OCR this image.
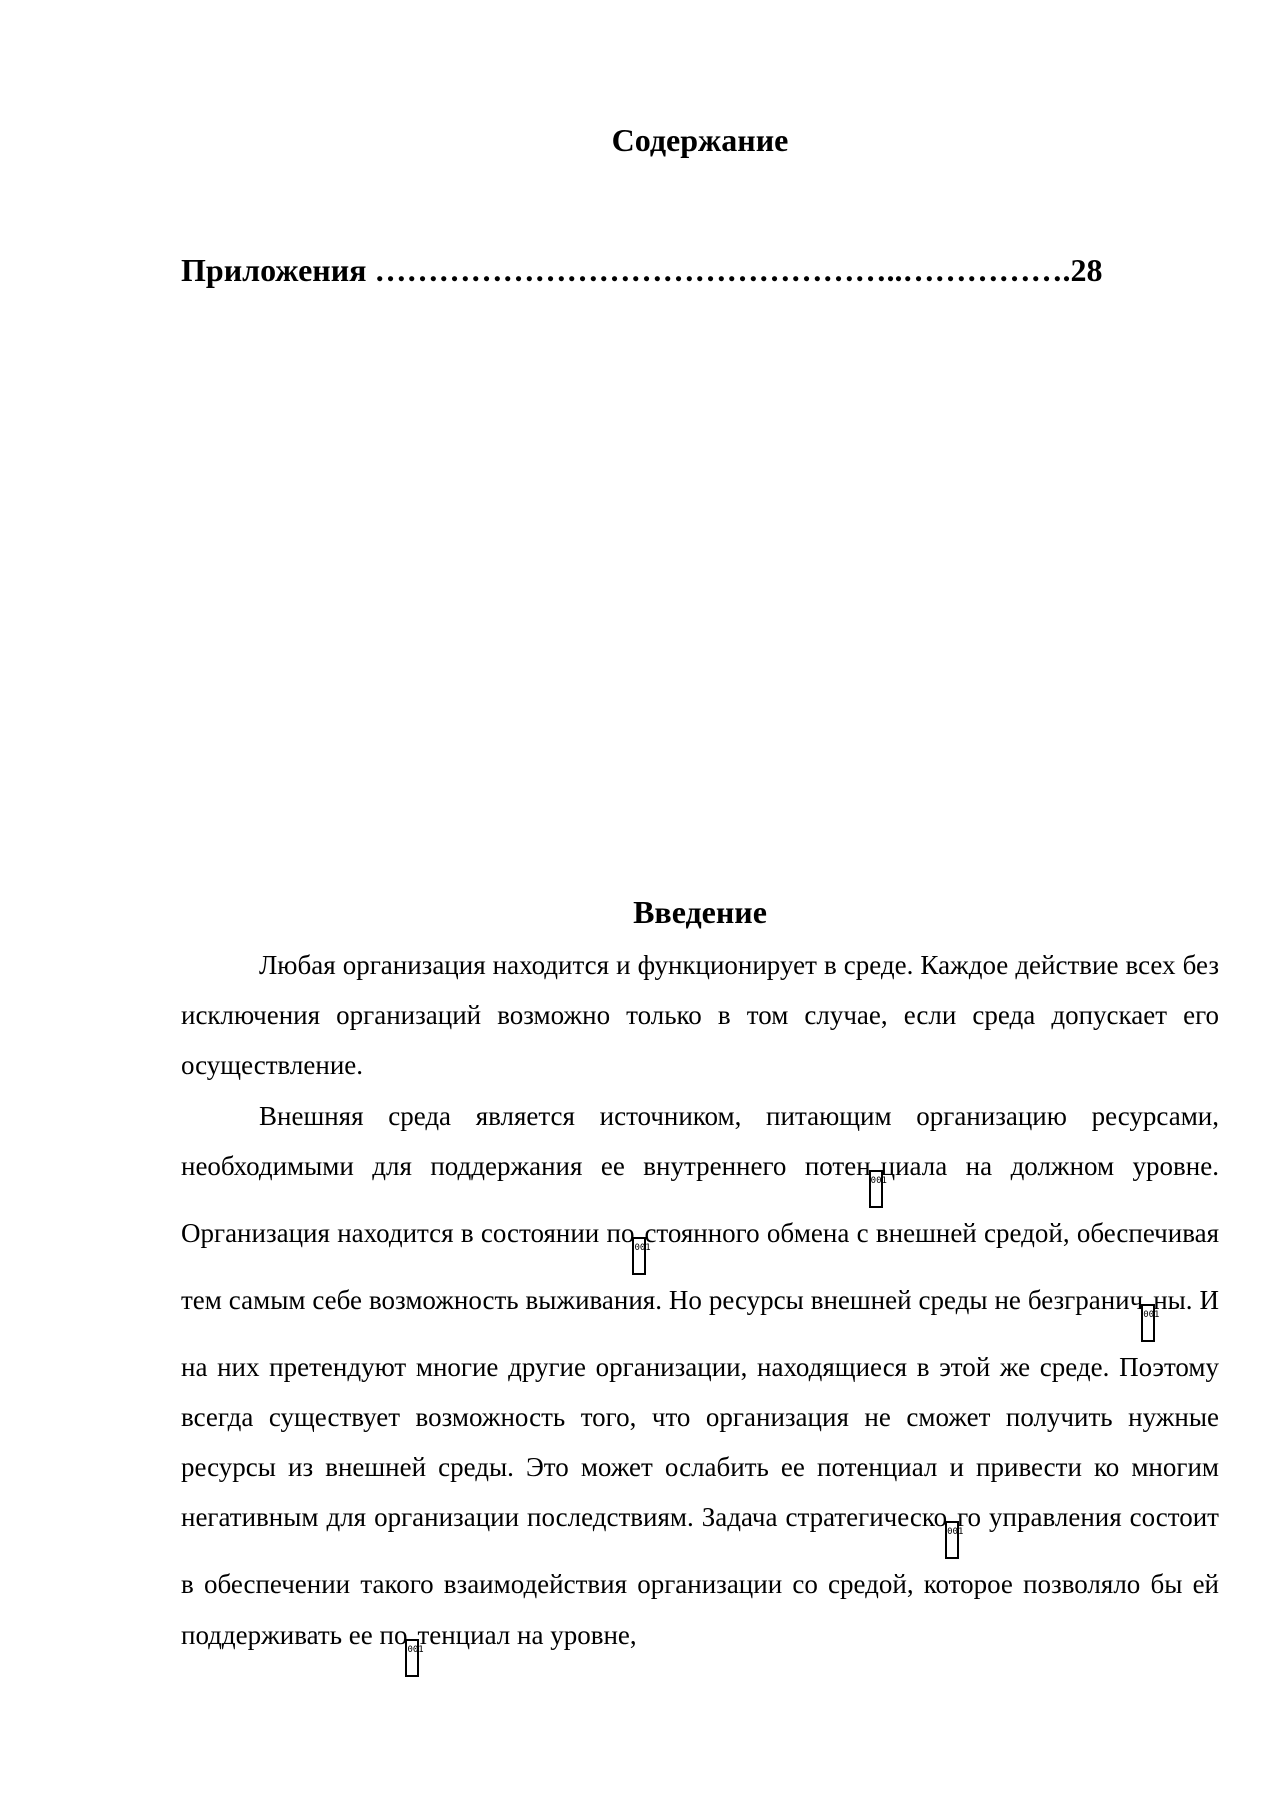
Содержание
Приложения …………………………………………..…………….28
Введение

Любая организация находится и функционирует в среде. Каждое действие всех без исключения организаций возможно только в том случае, если среда допускает его осуществление.

Внешняя среда является источником, питающим организацию ресурсами, необходимыми для поддержания ее внутреннего потен001циала на должном уровне. Организация находится в состоянии по001стоянного обмена с внешней средой, обеспечивая тем самым себе возможность выживания. Но ресурсы внешней среды не безгранич001ны. И на них претендуют многие другие организации, находящиеся в этой же среде. Поэтому всегда существует возможность того, что организация не сможет получить нужные ресурсы из внешней среды. Это может ослабить ее потенциал и привести ко многим негативным для организации последствиям. Задача стратегическо001го управления состоит в обеспечении такого взаимодействия организации со средой, которое позволяло бы ей поддерживать ее по001тенциал на уровне,
